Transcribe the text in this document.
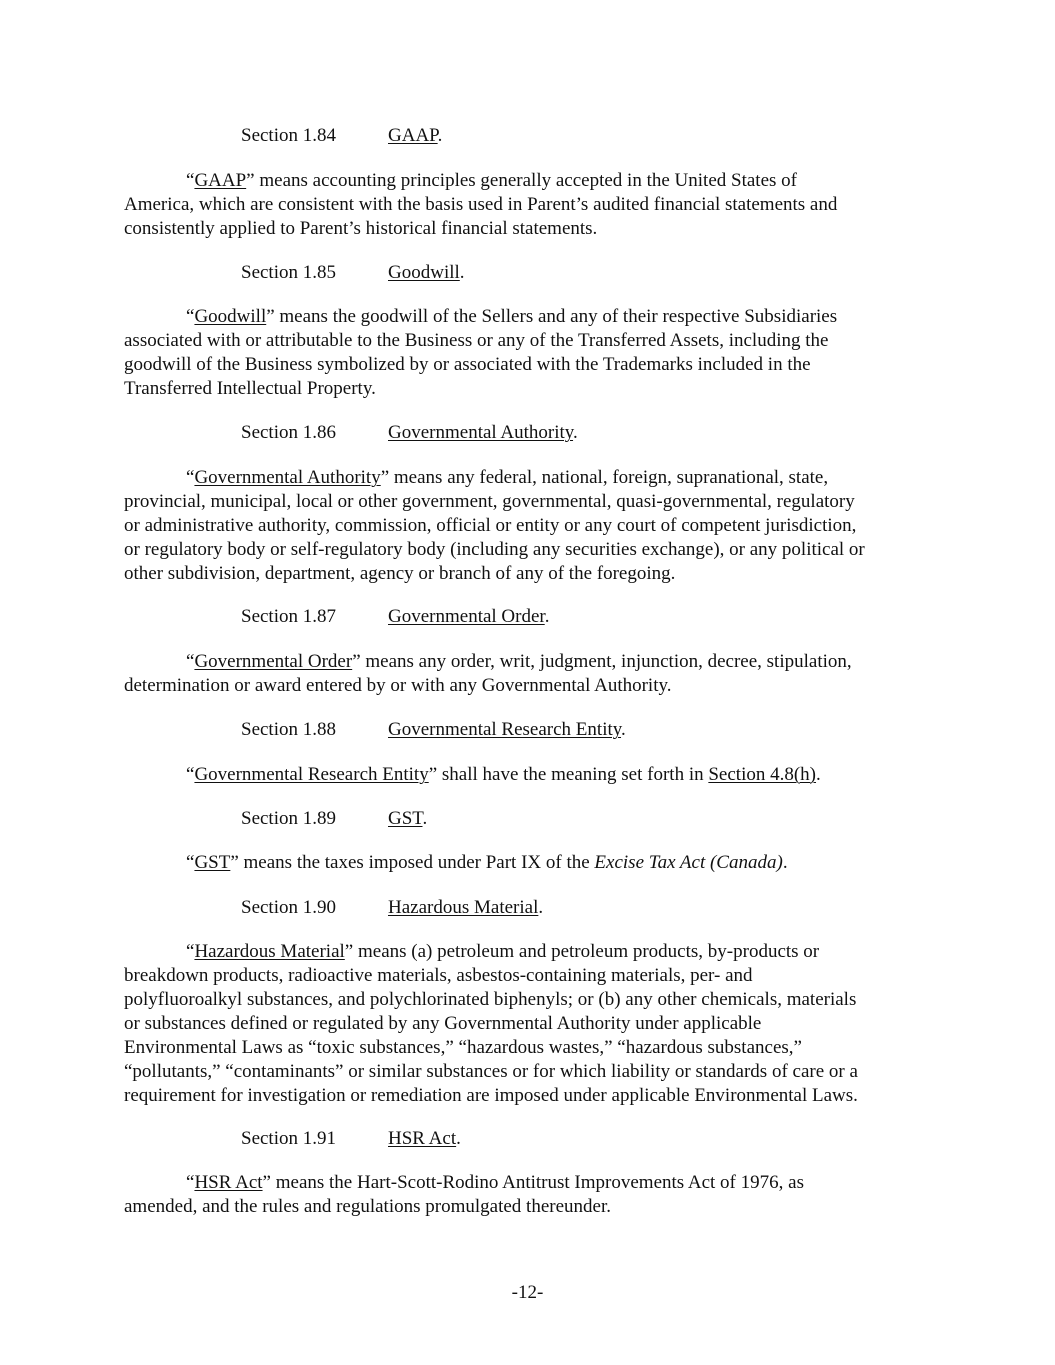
Section 1.84	GAAP.
“GAAP” means accounting principles generally accepted in the United States of
America, which are consistent with the basis used in Parent’s audited financial statements and
consistently applied to Parent’s historical financial statements.
Section 1.85	Goodwill.
“Goodwill” means the goodwill of the Sellers and any of their respective Subsidiaries
associated with or attributable to the Business or any of the Transferred Assets, including the
goodwill of the Business symbolized by or associated with the Trademarks included in the
Transferred Intellectual Property.
Section 1.86	Governmental Authority.
“Governmental Authority” means any federal, national, foreign, supranational, state,
provincial, municipal, local or other government, governmental, quasi-governmental, regulatory
or administrative authority, commission, official or entity or any court of competent jurisdiction,
or regulatory body or self-regulatory body (including any securities exchange), or any political or
other subdivision, department, agency or branch of any of the foregoing.
Section 1.87	Governmental Order.
“Governmental Order” means any order, writ, judgment, injunction, decree, stipulation,
determination or award entered by or with any Governmental Authority.
Section 1.88	Governmental Research Entity.
“Governmental Research Entity” shall have the meaning set forth in Section 4.8(h).
Section 1.89	GST.
“GST” means the taxes imposed under Part IX of the Excise Tax Act (Canada).
Section 1.90	Hazardous Material.
“Hazardous Material” means (a) petroleum and petroleum products, by-products or
breakdown products, radioactive materials, asbestos-containing materials, per- and
polyfluoroalkyl substances, and polychlorinated biphenyls; or (b) any other chemicals, materials
or substances defined or regulated by any Governmental Authority under applicable
Environmental Laws as “toxic substances,” “hazardous wastes,” “hazardous substances,”
“pollutants,” “contaminants” or similar substances or for which liability or standards of care or a
requirement for investigation or remediation are imposed under applicable Environmental Laws.
Section 1.91	HSR Act.
“HSR Act” means the Hart-Scott-Rodino Antitrust Improvements Act of 1976, as
amended, and the rules and regulations promulgated thereunder.
-12-
